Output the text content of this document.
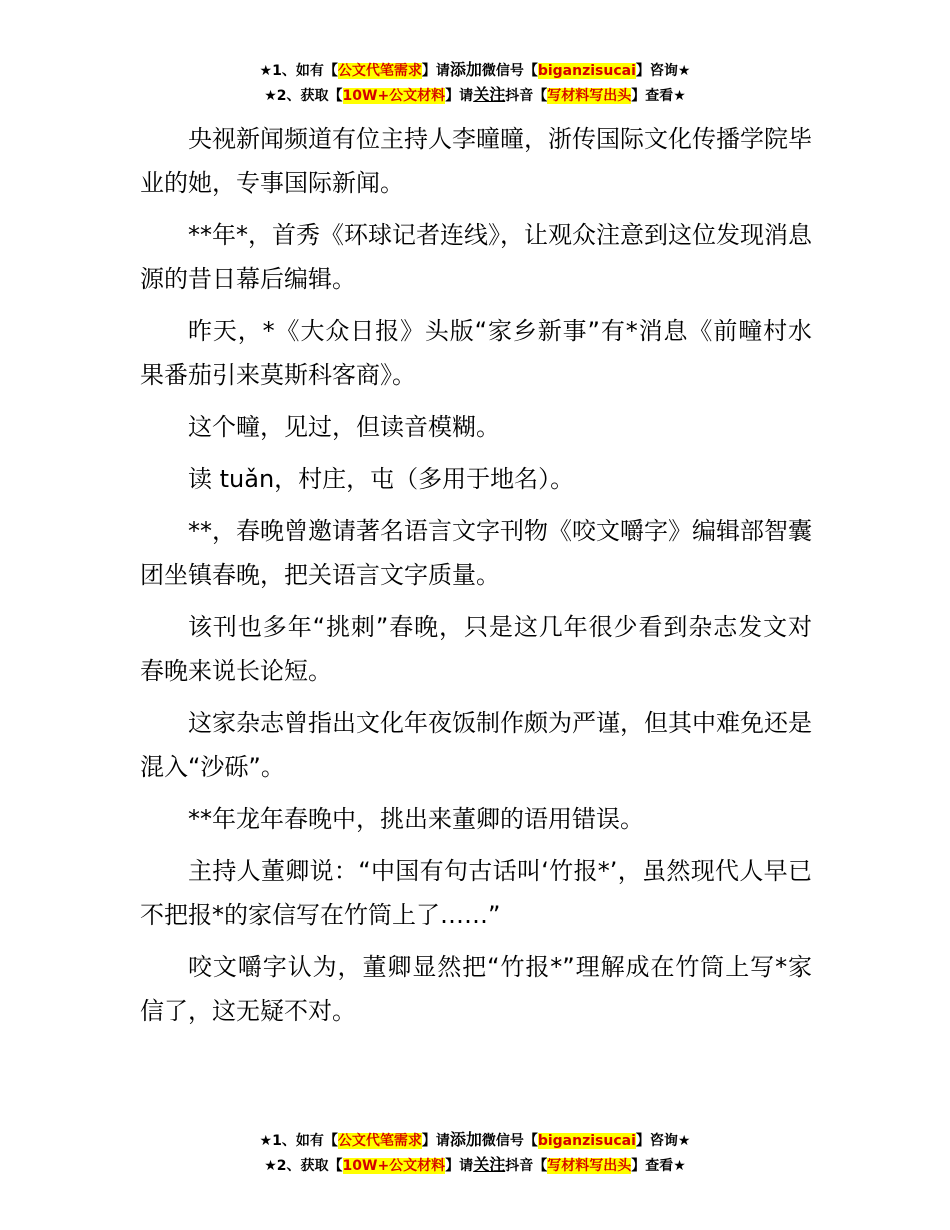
★1、如有【公文代笔需求】请添加微信号【biganzisucai】咨询★
★2、获取【10W+公文材料】请关注抖音【写材料写出头】查看★

央视新闻频道有位主持人李曈曈，浙传国际文化传播学院毕业的她，专事国际新闻。

**年*，首秀《环球记者连线》，让观众注意到这位发现消息源的昔日幕后编辑。

昨天，*《大众日报》头版“家乡新事”有*消息《前疃村水果番茄引来莫斯科客商》。

这个疃，见过，但读音模糊。

读 tuǎn，村庄，屯（多用于地名）。

**，春晚曾邀请著名语言文字刊物《咬文嚼字》编辑部智囊团坐镇春晚，把关语言文字质量。

该刊也多年“挑刺”春晚，只是这几年很少看到杂志发文对春晚来说长论短。

这家杂志曾指出文化年夜饭制作颇为严谨，但其中难免还是混入“沙砾”。

**年龙年春晚中，挑出来董卿的语用错误。

主持人董卿说：“中国有句古话叫‘竹报*’，虽然现代人早已不把报*的家信写在竹筒上了……”

咬文嚼字认为，董卿显然把“竹报*”理解成在竹筒上写*家信了，这无疑不对。

★1、如有【公文代笔需求】请添加微信号【biganzisucai】咨询★
★2、获取【10W+公文材料】请关注抖音【写材料写出头】查看★
